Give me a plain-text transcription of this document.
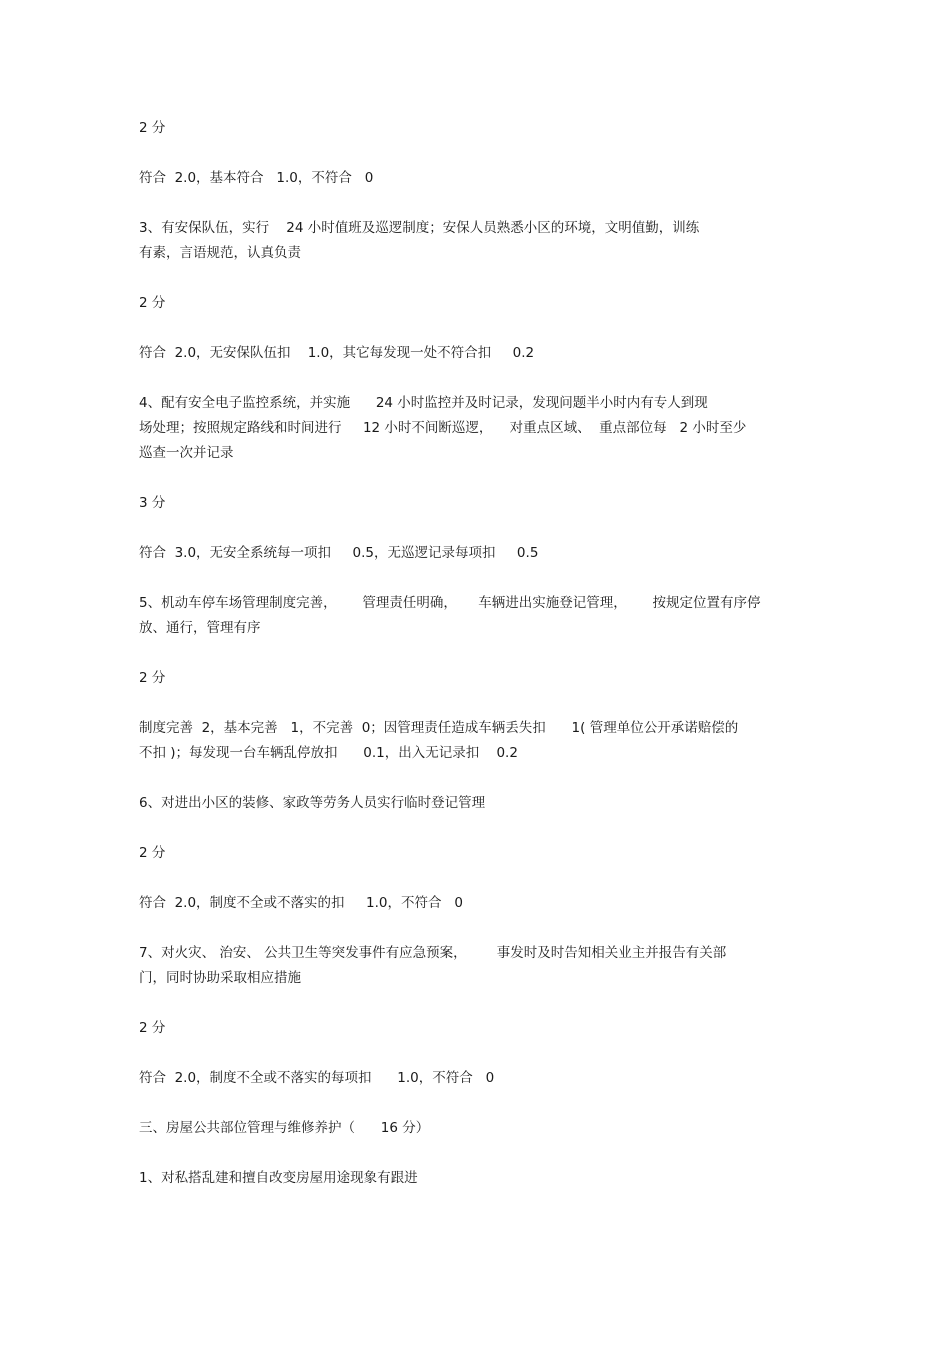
2 分

符合  2.0，基本符合   1.0，不符合   0

3、有安保队伍，实行    24 小时值班及巡逻制度；安保人员熟悉小区的环境，文明值勤，训练

有素，言语规范，认真负责

2 分

符合  2.0，无安保队伍扣    1.0，其它每发现一处不符合扣     0.2

4、配有安全电子监控系统，并实施      24 小时监控并及时记录，发现问题半小时内有专人到现

场处理；按照规定路线和时间进行     12 小时不间断巡逻，    对重点区域、  重点部位每   2 小时至少

巡查一次并记录

3 分

符合  3.0，无安全系统每一项扣     0.5，无巡逻记录每项扣     0.5

5、机动车停车场管理制度完善，      管理责任明确，     车辆进出实施登记管理，      按规定位置有序停

放、通行，管理有序

2 分

制度完善  2，基本完善   1，不完善  0；因管理责任造成车辆丢失扣      1( 管理单位公开承诺赔偿的

不扣 )；每发现一台车辆乱停放扣      0.1，出入无记录扣    0.2

6、对进出小区的装修、家政等劳务人员实行临时登记管理

2 分

符合  2.0，制度不全或不落实的扣     1.0，不符合   0

7、对火灾、 治安、 公共卫生等突发事件有应急预案，       事发时及时告知相关业主并报告有关部

门，同时协助采取相应措施

2 分

符合  2.0，制度不全或不落实的每项扣      1.0，不符合   0

三、房屋公共部位管理与维修养护（      16 分）

1、对私搭乱建和擅自改变房屋用途现象有跟进
